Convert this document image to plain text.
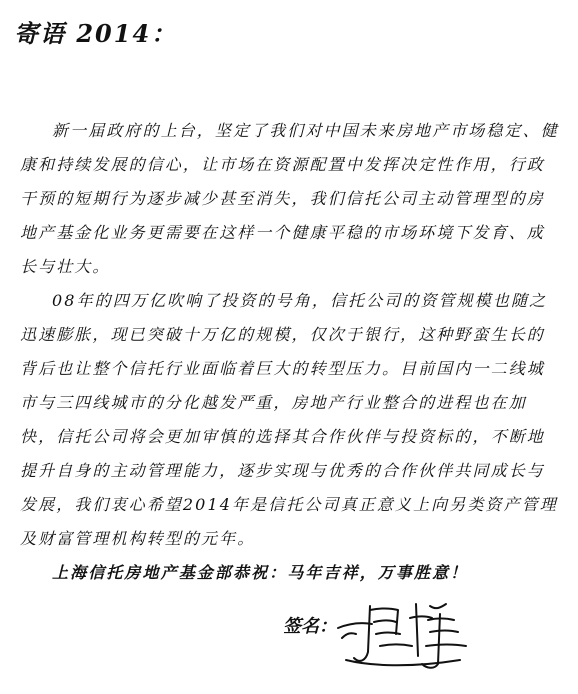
寄语 2014：

新一届政府的上台，坚定了我们对中国未来房地产市场稳定、健康和持续发展的信心，让市场在资源配置中发挥决定性作用，行政干预的短期行为逐步减少甚至消失，我们信托公司主动管理型的房地产基金化业务更需要在这样一个健康平稳的市场环境下发育、成长与壮大。

08年的四万亿吹响了投资的号角，信托公司的资管规模也随之迅速膨胀，现已突破十万亿的规模，仅次于银行，这种野蛮生长的背后也让整个信托行业面临着巨大的转型压力。目前国内一二线城市与三四线城市的分化越发严重，房地产行业整合的进程也在加快，信托公司将会更加审慎的选择其合作伙伴与投资标的，不断地提升自身的主动管理能力，逐步实现与优秀的合作伙伴共同成长与发展，我们衷心希望2014年是信托公司真正意义上向另类资产管理及财富管理机构转型的元年。

上海信托房地产基金部恭祝：马年吉祥，万事胜意！

签名：
